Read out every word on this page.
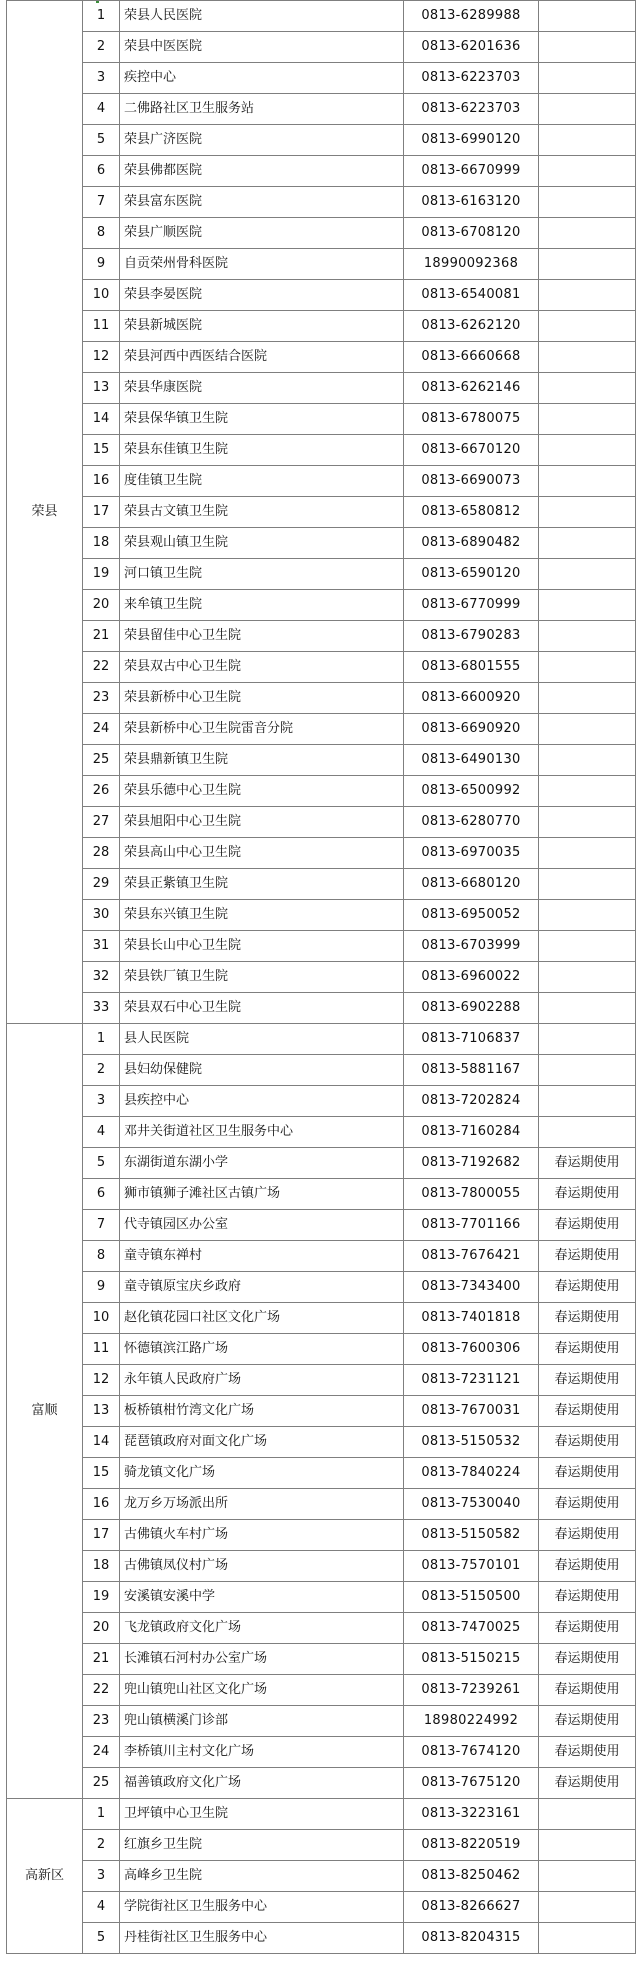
荣县	1	荣县人民医院	0813-6289988	
	2	荣县中医医院	0813-6201636	
	3	疾控中心	0813-6223703	
	4	二佛路社区卫生服务站	0813-6223703	
	5	荣县广济医院	0813-6990120	
	6	荣县佛都医院	0813-6670999	
	7	荣县富东医院	0813-6163120	
	8	荣县广顺医院	0813-6708120	
	9	自贡荣州骨科医院	18990092368	
	10	荣县李晏医院	0813-6540081	
	11	荣县新城医院	0813-6262120	
	12	荣县河西中西医结合医院	0813-6660668	
	13	荣县华康医院	0813-6262146	
	14	荣县保华镇卫生院	0813-6780075	
	15	荣县东佳镇卫生院	0813-6670120	
	16	度佳镇卫生院	0813-6690073	
	17	荣县古文镇卫生院	0813-6580812	
	18	荣县观山镇卫生院	0813-6890482	
	19	河口镇卫生院	0813-6590120	
	20	来牟镇卫生院	0813-6770999	
	21	荣县留佳中心卫生院	0813-6790283	
	22	荣县双古中心卫生院	0813-6801555	
	23	荣县新桥中心卫生院	0813-6600920	
	24	荣县新桥中心卫生院雷音分院	0813-6690920	
	25	荣县鼎新镇卫生院	0813-6490130	
	26	荣县乐德中心卫生院	0813-6500992	
	27	荣县旭阳中心卫生院	0813-6280770	
	28	荣县高山中心卫生院	0813-6970035	
	29	荣县正紫镇卫生院	0813-6680120	
	30	荣县东兴镇卫生院	0813-6950052	
	31	荣县长山中心卫生院	0813-6703999	
	32	荣县铁厂镇卫生院	0813-6960022	
	33	荣县双石中心卫生院	0813-6902288	
富顺	1	县人民医院	0813-7106837	
	2	县妇幼保健院	0813-5881167	
	3	县疾控中心	0813-7202824	
	4	邓井关街道社区卫生服务中心	0813-7160284	
	5	东湖街道东湖小学	0813-7192682	春运期使用
	6	狮市镇狮子滩社区古镇广场	0813-7800055	春运期使用
	7	代寺镇园区办公室	0813-7701166	春运期使用
	8	童寺镇东禅村	0813-7676421	春运期使用
	9	童寺镇原宝庆乡政府	0813-7343400	春运期使用
	10	赵化镇花园口社区文化广场	0813-7401818	春运期使用
	11	怀德镇滨江路广场	0813-7600306	春运期使用
	12	永年镇人民政府广场	0813-7231121	春运期使用
	13	板桥镇柑竹湾文化广场	0813-7670031	春运期使用
	14	琵琶镇政府对面文化广场	0813-5150532	春运期使用
	15	骑龙镇文化广场	0813-7840224	春运期使用
	16	龙万乡万场派出所	0813-7530040	春运期使用
	17	古佛镇火车村广场	0813-5150582	春运期使用
	18	古佛镇凤仪村广场	0813-7570101	春运期使用
	19	安溪镇安溪中学	0813-5150500	春运期使用
	20	飞龙镇政府文化广场	0813-7470025	春运期使用
	21	长滩镇石河村办公室广场	0813-5150215	春运期使用
	22	兜山镇兜山社区文化广场	0813-7239261	春运期使用
	23	兜山镇横溪门诊部	18980224992	春运期使用
	24	李桥镇川主村文化广场	0813-7674120	春运期使用
	25	福善镇政府文化广场	0813-7675120	春运期使用
高新区	1	卫坪镇中心卫生院	0813-3223161	
	2	红旗乡卫生院	0813-8220519	
	3	高峰乡卫生院	0813-8250462	
	4	学院街社区卫生服务中心	0813-8266627	
	5	丹桂街社区卫生服务中心	0813-8204315	
